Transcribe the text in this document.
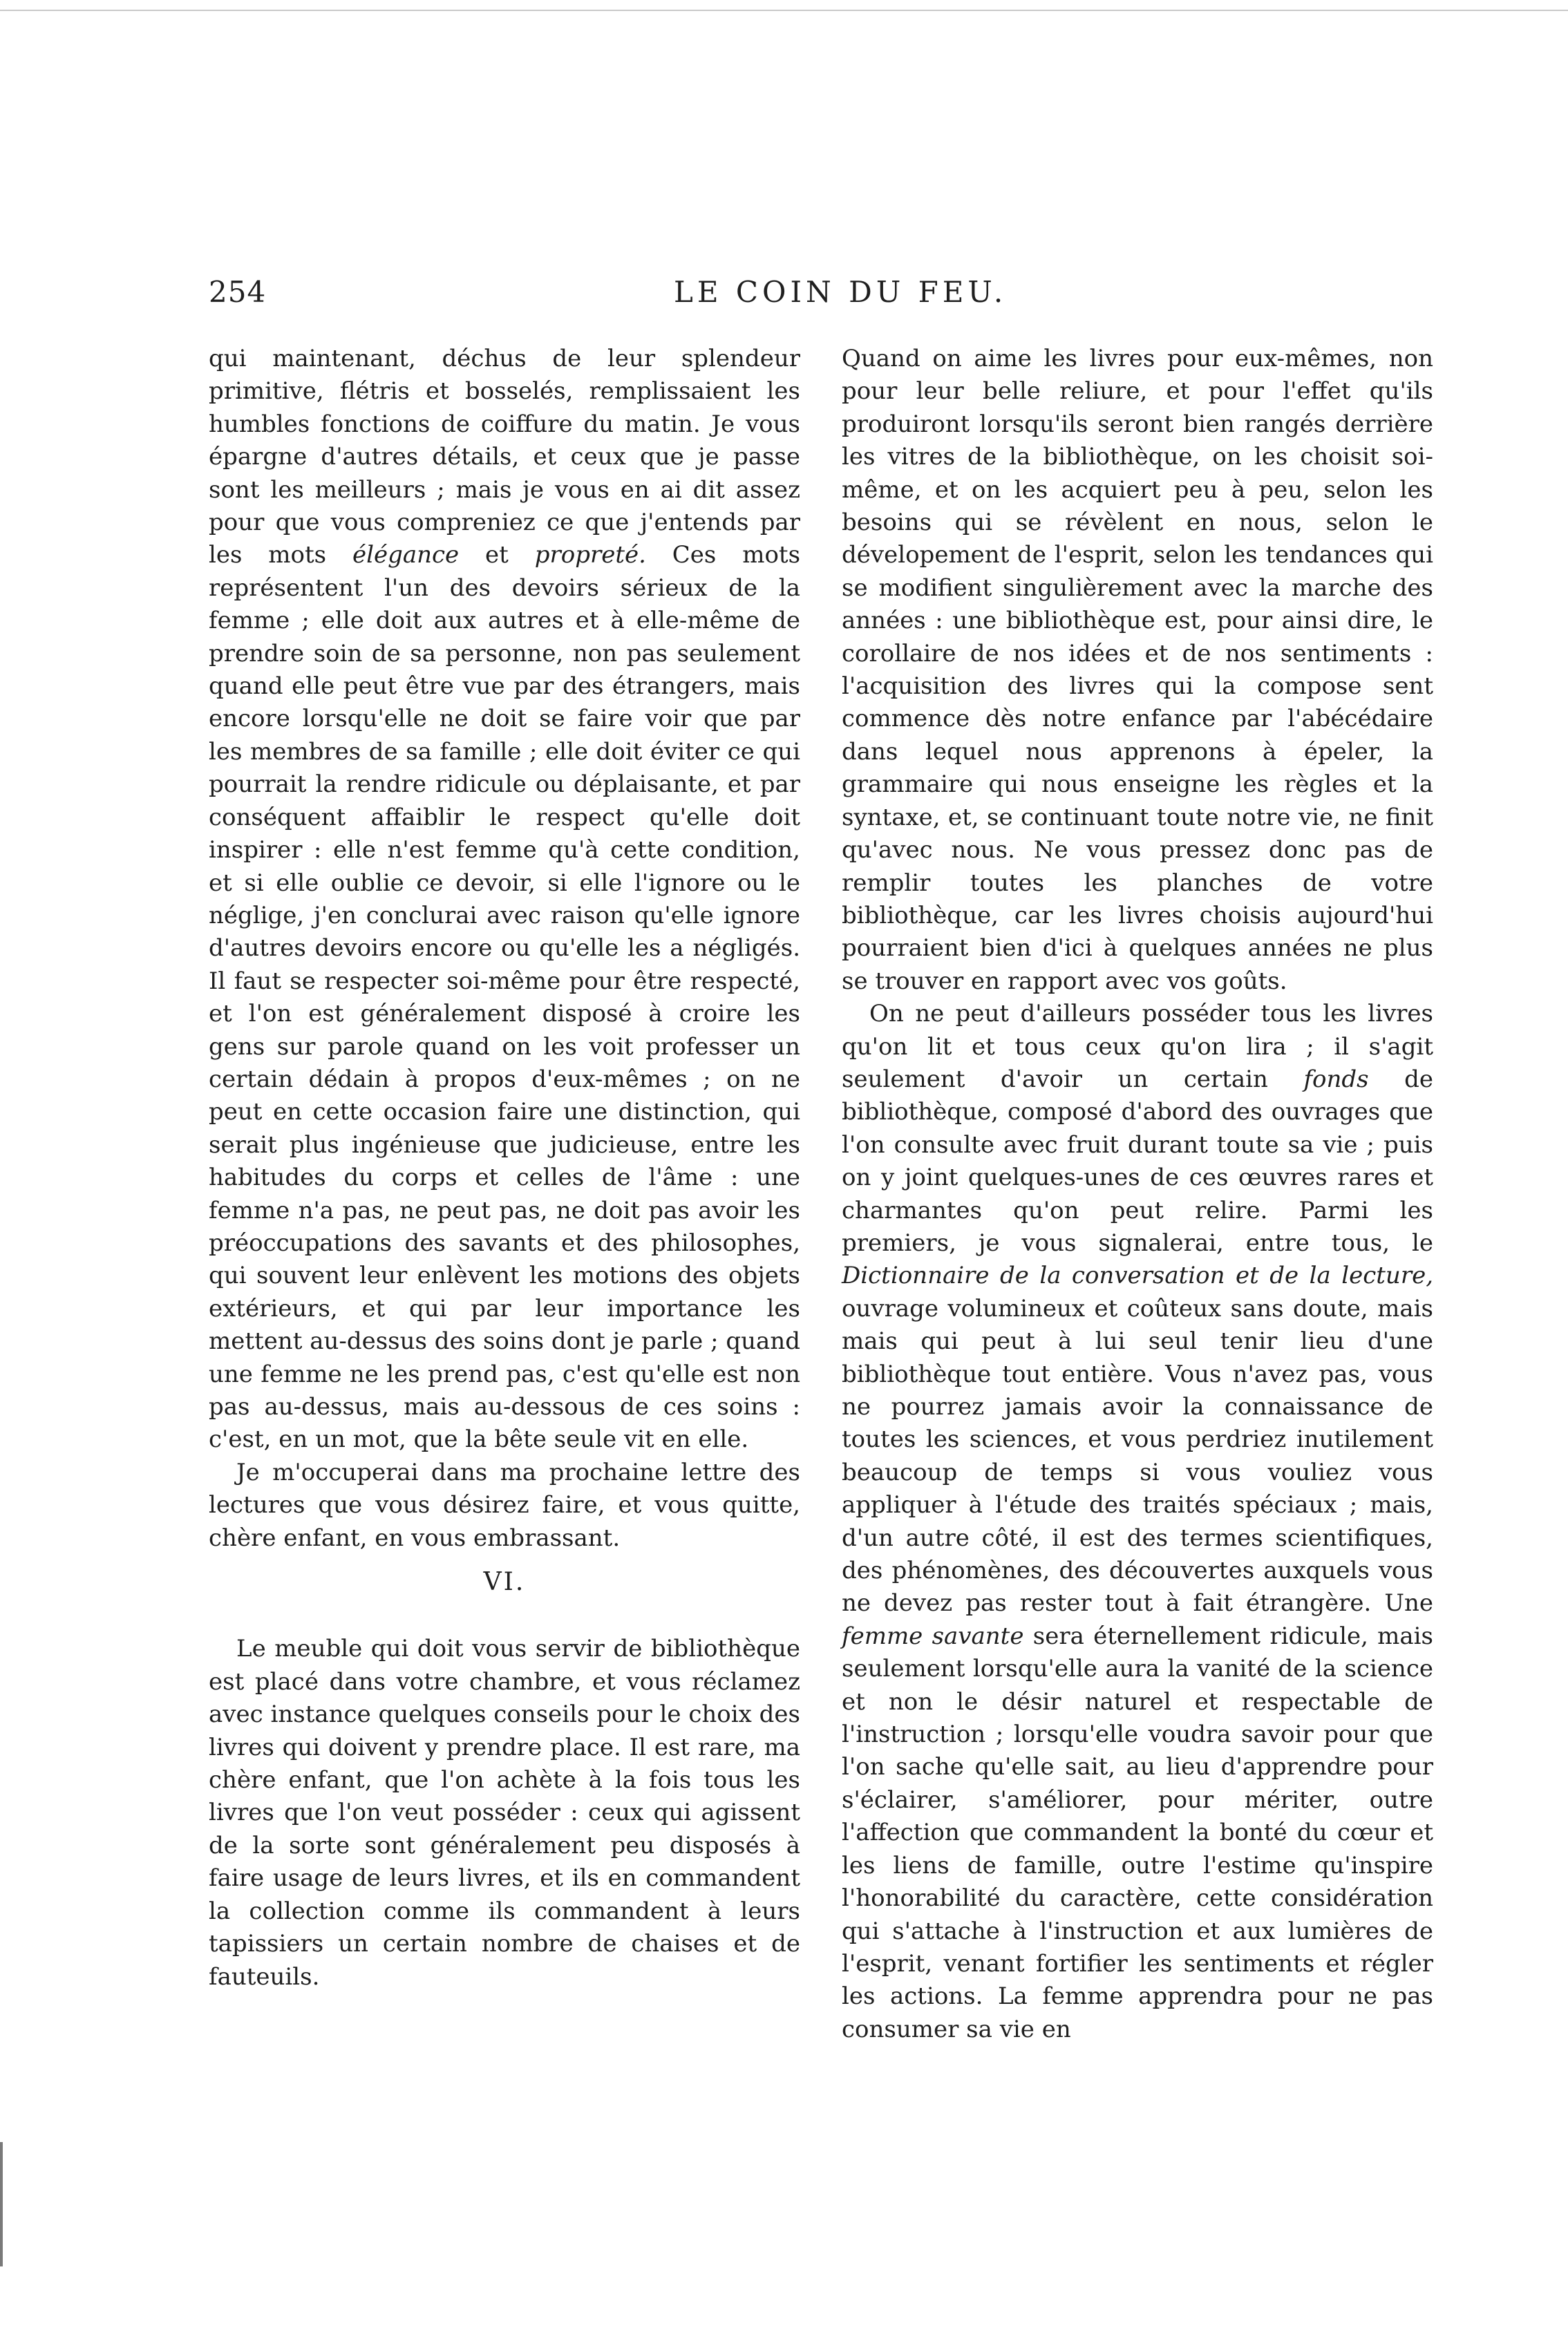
254	LE COIN DU FEU.

qui maintenant, déchus de leur splendeur primitive, flétris et bosselés, remplissaient les humbles fonctions de coiffure du matin. Je vous épargne d'autres détails, et ceux que je passe sont les meilleurs ; mais je vous en ai dit assez pour que vous compreniez ce que j'entends par les mots élégance et propreté. Ces mots représentent l'un des devoirs sérieux de la femme ; elle doit aux autres et à elle-même de prendre soin de sa personne, non pas seulement quand elle peut être vue par des étrangers, mais encore lorsqu'elle ne doit se faire voir que par les membres de sa famille ; elle doit éviter ce qui pourrait la rendre ridicule ou déplaisante, et par conséquent affaiblir le respect qu'elle doit inspirer : elle n'est femme qu'à cette condition, et si elle oublie ce devoir, si elle l'ignore ou le néglige, j'en conclurai avec raison qu'elle ignore d'autres devoirs encore ou qu'elle les a négligés. Il faut se respecter soi-même pour être respecté, et l'on est généralement disposé à croire les gens sur parole quand on les voit professer un certain dédain à propos d'eux-mêmes ; on ne peut en cette occasion faire une distinction, qui serait plus ingénieuse que judicieuse, entre les habitudes du corps et celles de l'âme : une femme n'a pas, ne peut pas, ne doit pas avoir les préoccupations des savants et des philosophes, qui souvent leur enlèvent les motions des objets extérieurs, et qui par leur importance les mettent au-dessus des soins dont je parle ; quand une femme ne les prend pas, c'est qu'elle est non pas au-dessus, mais au-dessous de ces soins : c'est, en un mot, que la bête seule vit en elle.

Je m'occuperai dans ma prochaine lettre des lectures que vous désirez faire, et vous quitte, chère enfant, en vous embrassant.

VI.

Le meuble qui doit vous servir de bibliothèque est placé dans votre chambre, et vous réclamez avec instance quelques conseils pour le choix des livres qui doivent y prendre place. Il est rare, ma chère enfant, que l'on achète à la fois tous les livres que l'on veut posséder : ceux qui agissent de la sorte sont généralement peu disposés à faire usage de leurs livres, et ils en commandent la collection comme ils commandent à leurs tapissiers un certain nombre de chaises et de fauteuils.

Quand on aime les livres pour eux-mêmes, non pour leur belle reliure, et pour l'effet qu'ils produiront lorsqu'ils seront bien rangés derrière les vitres de la bibliothèque, on les choisit soi-même, et on les acquiert peu à peu, selon les besoins qui se révèlent en nous, selon le dévelopement de l'esprit, selon les tendances qui se modifient singulièrement avec la marche des années : une bibliothèque est, pour ainsi dire, le corollaire de nos idées et de nos sentiments : l'acquisition des livres qui la compose sent commence dès notre enfance par l'abécédaire dans lequel nous apprenons à épeler, la grammaire qui nous enseigne les règles et la syntaxe, et, se continuant toute notre vie, ne finit qu'avec nous. Ne vous pressez donc pas de remplir toutes les planches de votre bibliothèque, car les livres choisis aujourd'hui pourraient bien d'ici à quelques années ne plus se trouver en rapport avec vos goûts.

On ne peut d'ailleurs posséder tous les livres qu'on lit et tous ceux qu'on lira ; il s'agit seulement d'avoir un certain fonds de bibliothèque, composé d'abord des ouvrages que l'on consulte avec fruit durant toute sa vie ; puis on y joint quelques-unes de ces œuvres rares et charmantes qu'on peut relire. Parmi les premiers, je vous signalerai, entre tous, le Dictionnaire de la conversation et de la lecture, ouvrage volumineux et coûteux sans doute, mais mais qui peut à lui seul tenir lieu d'une bibliothèque tout entière. Vous n'avez pas, vous ne pourrez jamais avoir la connaissance de toutes les sciences, et vous perdriez inutilement beaucoup de temps si vous vouliez vous appliquer à l'étude des traités spéciaux ; mais, d'un autre côté, il est des termes scientifiques, des phénomènes, des découvertes auxquels vous ne devez pas rester tout à fait étrangère. Une femme savante sera éternellement ridicule, mais seulement lorsqu'elle aura la vanité de la science et non le désir naturel et respectable de l'instruction ; lorsqu'elle voudra savoir pour que l'on sache qu'elle sait, au lieu d'apprendre pour s'éclairer, s'améliorer, pour mériter, outre l'affection que commandent la bonté du cœur et les liens de famille, outre l'estime qu'inspire l'honorabilité du caractère, cette considération qui s'attache à l'instruction et aux lumières de l'esprit, venant fortifier les sentiments et régler les actions. La femme apprendra pour ne pas consumer sa vie en
